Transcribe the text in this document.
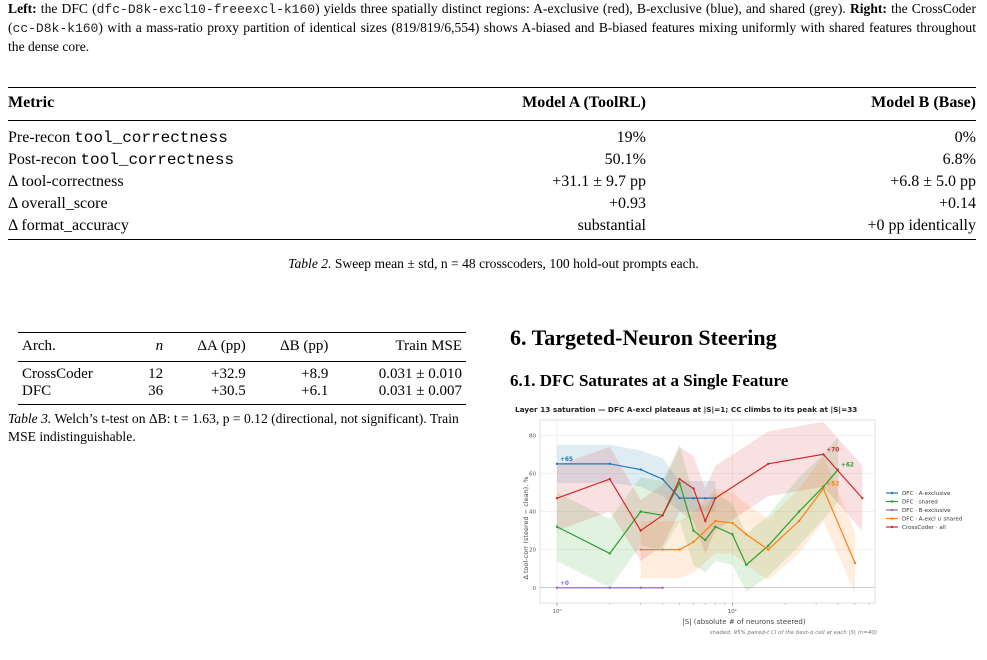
Left: the DFC (dfc-D8k-excl10-freeexcl-k160) yields three spatially distinct regions: A-exclusive (red), B-exclusive (blue), and shared (grey). Right: the CrossCoder (cc-D8k-k160) with a mass-ratio proxy partition of identical sizes (819/819/6,554) shows A-biased and B-biased features mixing uniformly with shared features throughout the dense core.
Metric	Model A (ToolRL)	Model B (Base)
Pre-recon tool_correctness	19%	0%
Post-recon tool_correctness	50.1%	6.8%
Δ tool-correctness	+31.1 ± 9.7 pp	+6.8 ± 5.0 pp
Δ overall_score	+0.93	+0.14
Δ format_accuracy	substantial	+0 pp identically
Table 2. Sweep mean ± std, n = 48 crosscoders, 100 hold-out prompts each.
Arch.	n	ΔA (pp)	ΔB (pp)	Train MSE
CrossCoder	12	+32.9	+8.9	0.031 ± 0.010
DFC	36	+30.5	+6.1	0.031 ± 0.007
Table 3. Welch’s t-test on ΔB: t = 1.63, p = 0.12 (directional, not significant). Train MSE indistinguishable.
6. Targeted-Neuron Steering
6.1. DFC Saturates at a Single Feature
Layer 13 saturation — DFC A-excl plateaus at |S|=1; CC climbs to its peak at |S|=33
+65
+0
+70
+62
+52
0
20
40
60
80
10⁰	10¹
|S| (absolute # of neurons steered)
Δ tool-corr (steered − clean), %
shaded: 95% paired-t CI of the best-α cell at each |S| (n=40)
DFC · A-exclusive
DFC · shared
DFC · B-exclusive
DFC · A-excl ∪ shared
CrossCoder · all
